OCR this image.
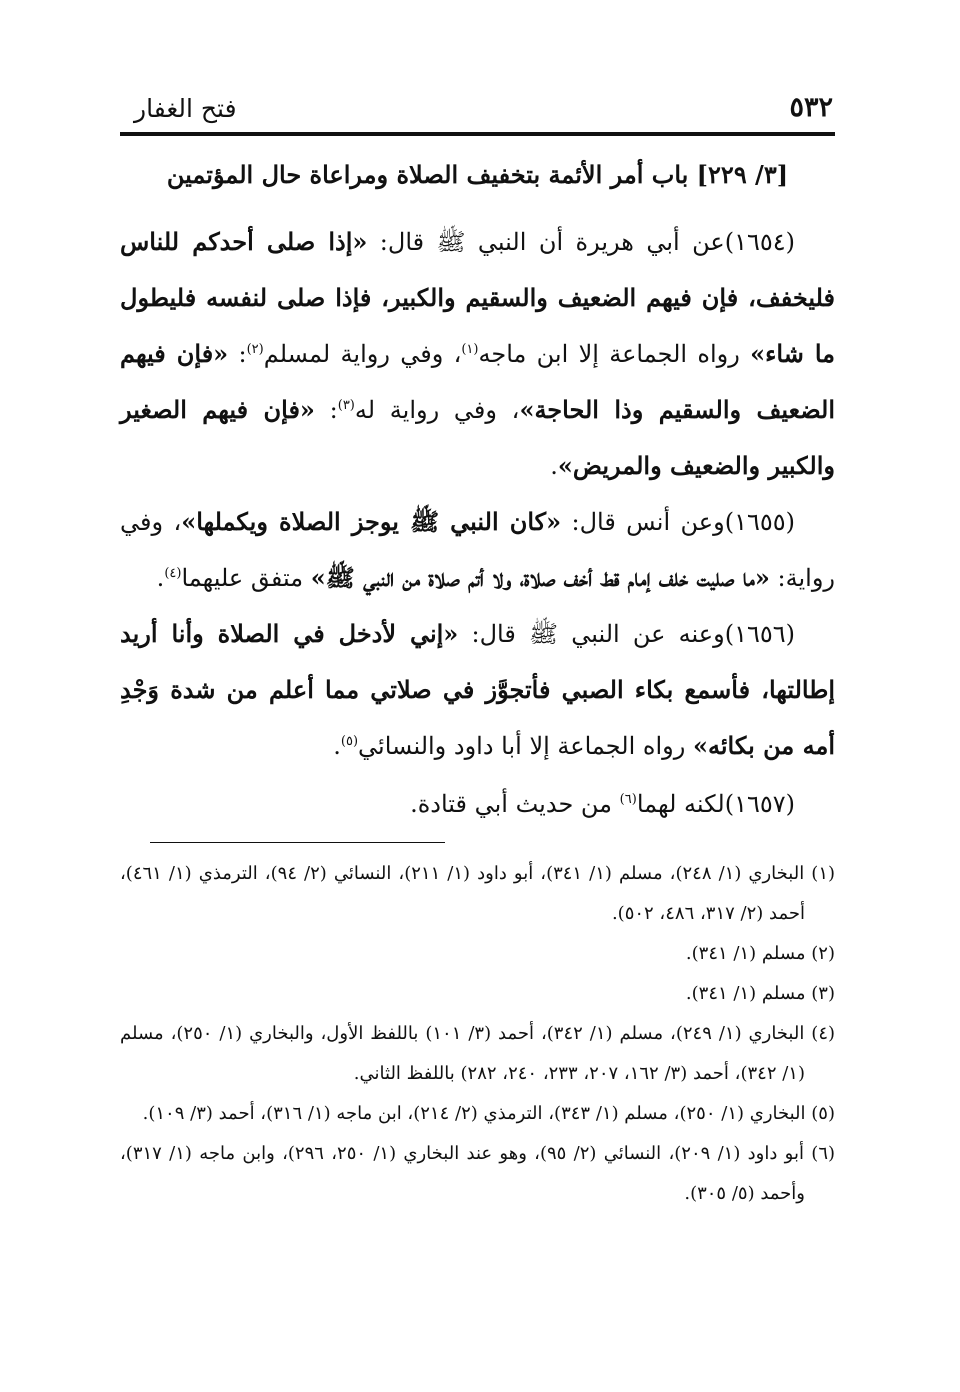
٥٣٢
فتح الغفار
[٣/ ٢٢٩] باب أمر الأئمة بتخفيف الصلاة ومراعاة حال المؤتمين

(١٦٥٤)عن أبي هريرة أن النبي ﷺ قال: «إذا صلى أحدكم للناس فليخفف، فإن فيهم الضعيف والسقيم والكبير، فإذا صلى لنفسه فليطول ما شاء» رواه الجماعة إلا ابن ماجه$^{(١)}$، وفي رواية لمسلم$^{(٢)}$: «فإن فيهم الضعيف والسقيم وذا الحاجة»، وفي رواية له$^{(٣)}$: «فإن فيهم الصغير والكبير والضعيف والمريض».

(١٦٥٥)وعن أنس قال: «كان النبي ﷺ يوجز الصلاة ويكملها»، وفي رواية: «ما صليت خلف إمام قط أخف صلاة، ولا أتم صلاة من النبي ﷺ» متفق عليهما$^{(٤)}$.

(١٦٥٦)وعنه عن النبي ﷺ قال: «إني لأدخل في الصلاة وأنا أريد إطالتها، فأسمع بكاء الصبي فأتجوَّز في صلاتي مما أعلم من شدة وَجْدِ أمه من بكائه» رواه الجماعة إلا أبا داود والنسائي$^{(٥)}$.

(١٦٥٧)لكنه لهما$^{(٦)}$ من حديث أبي قتادة.

(١) البخاري (١/ ٢٤٨)، مسلم (١/ ٣٤١)، أبو داود (١/ ٢١١)، النسائي (٢/ ٩٤)، الترمذي (١/ ٤٦١)، أحمد (٢/ ٣١٧، ٤٨٦، ٥٠٢).

(٢) مسلم (١/ ٣٤١).

(٣) مسلم (١/ ٣٤١).

(٤) البخاري (١/ ٢٤٩)، مسلم (١/ ٣٤٢)، أحمد (٣/ ١٠١) باللفظ الأول، والبخاري (١/ ٢٥٠)، مسلم (١/ ٣٤٢)، أحمد (٣/ ١٦٢، ٢٠٧، ٢٣٣، ٢٤٠، ٢٨٢) باللفظ الثاني.

(٥) البخاري (١/ ٢٥٠)، مسلم (١/ ٣٤٣)، الترمذي (٢/ ٢١٤)، ابن ماجه (١/ ٣١٦)، أحمد (٣/ ١٠٩).

(٦) أبو داود (١/ ٢٠٩)، النسائي (٢/ ٩٥)، وهو عند البخاري (١/ ٢٥٠، ٢٩٦)، وابن ماجه (١/ ٣١٧)، وأحمد (٥/ ٣٠٥).
